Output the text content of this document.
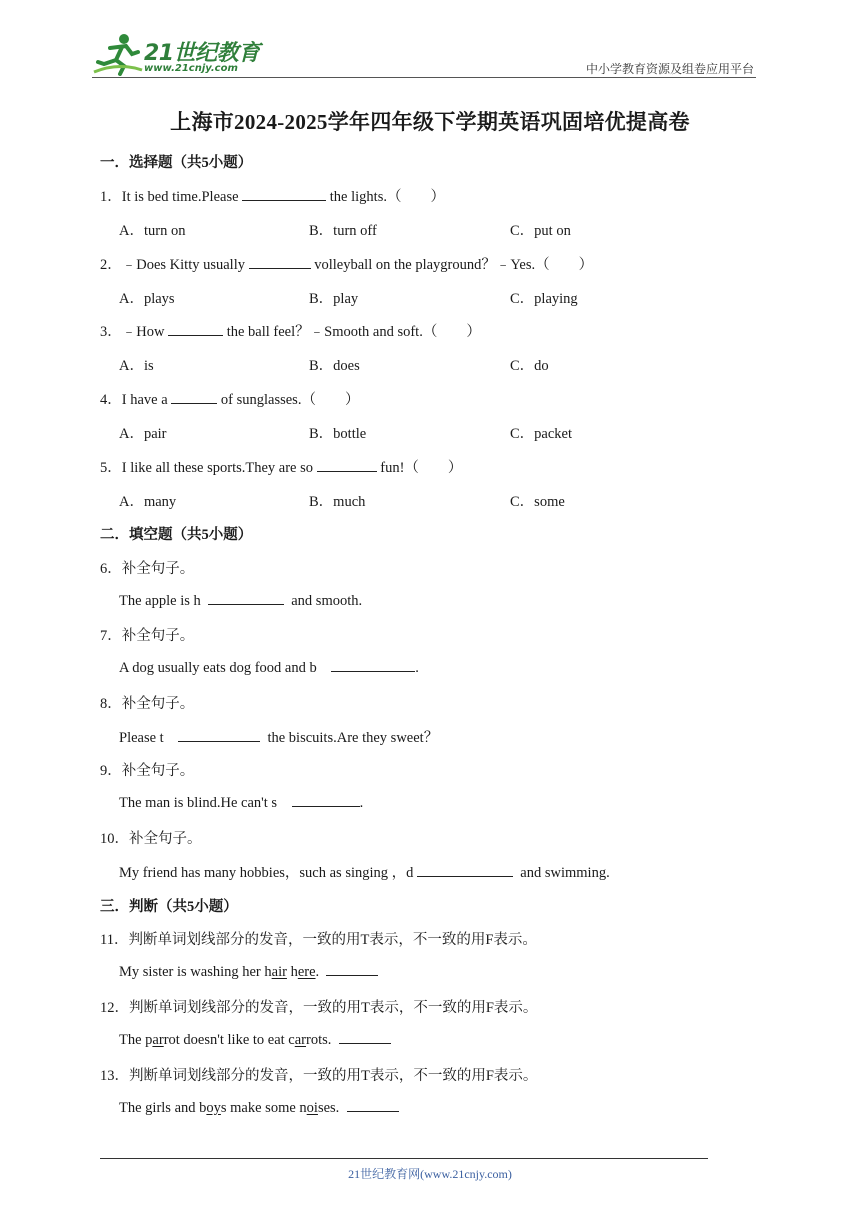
21世纪教育
www.21cnjy.com	中小学教育资源及组卷应用平台
上海市2024-2025学年四年级下学期英语巩固培优提高卷
一．选择题（共5小题）
1．It is bed time.Please	the lights.（　　）
A．turn on	B．turn off	C．put on
2．﹣Does Kitty usually	volleyball on the playground？﹣Yes.（　　）
A．plays	B．play	C．playing
3．﹣How	the ball feel？﹣Smooth and soft.（　　）
A．is	B．does	C．do
4．I have a	of sunglasses.（　　）
A．pair	B．bottle	C．packet
5．I like all these sports.They are so	fun!（　　）
A．many	B．much	C．some
二．填空题（共5小题）
6．补全句子。
The apple is h	and smooth.
7．补全句子。
A dog usually eats dog food and b	.
8．补全句子。
Please t	the biscuits.Are they sweet？
9．补全句子。
The man is blind.He can't s	.
10．补全句子。
My friend has many hobbies，such as singing ，d	and swimming.
三．判断（共5小题）
11．判断单词划线部分的发音，一致的用T表示，不一致的用F表示。
My sister is washing her hair here.
12．判断单词划线部分的发音，一致的用T表示，不一致的用F表示。
The parrot doesn't like to eat carrots.
13．判断单词划线部分的发音，一致的用T表示，不一致的用F表示。
The girls and boys make some noises.
21世纪教育网(www.21cnjy.com)
